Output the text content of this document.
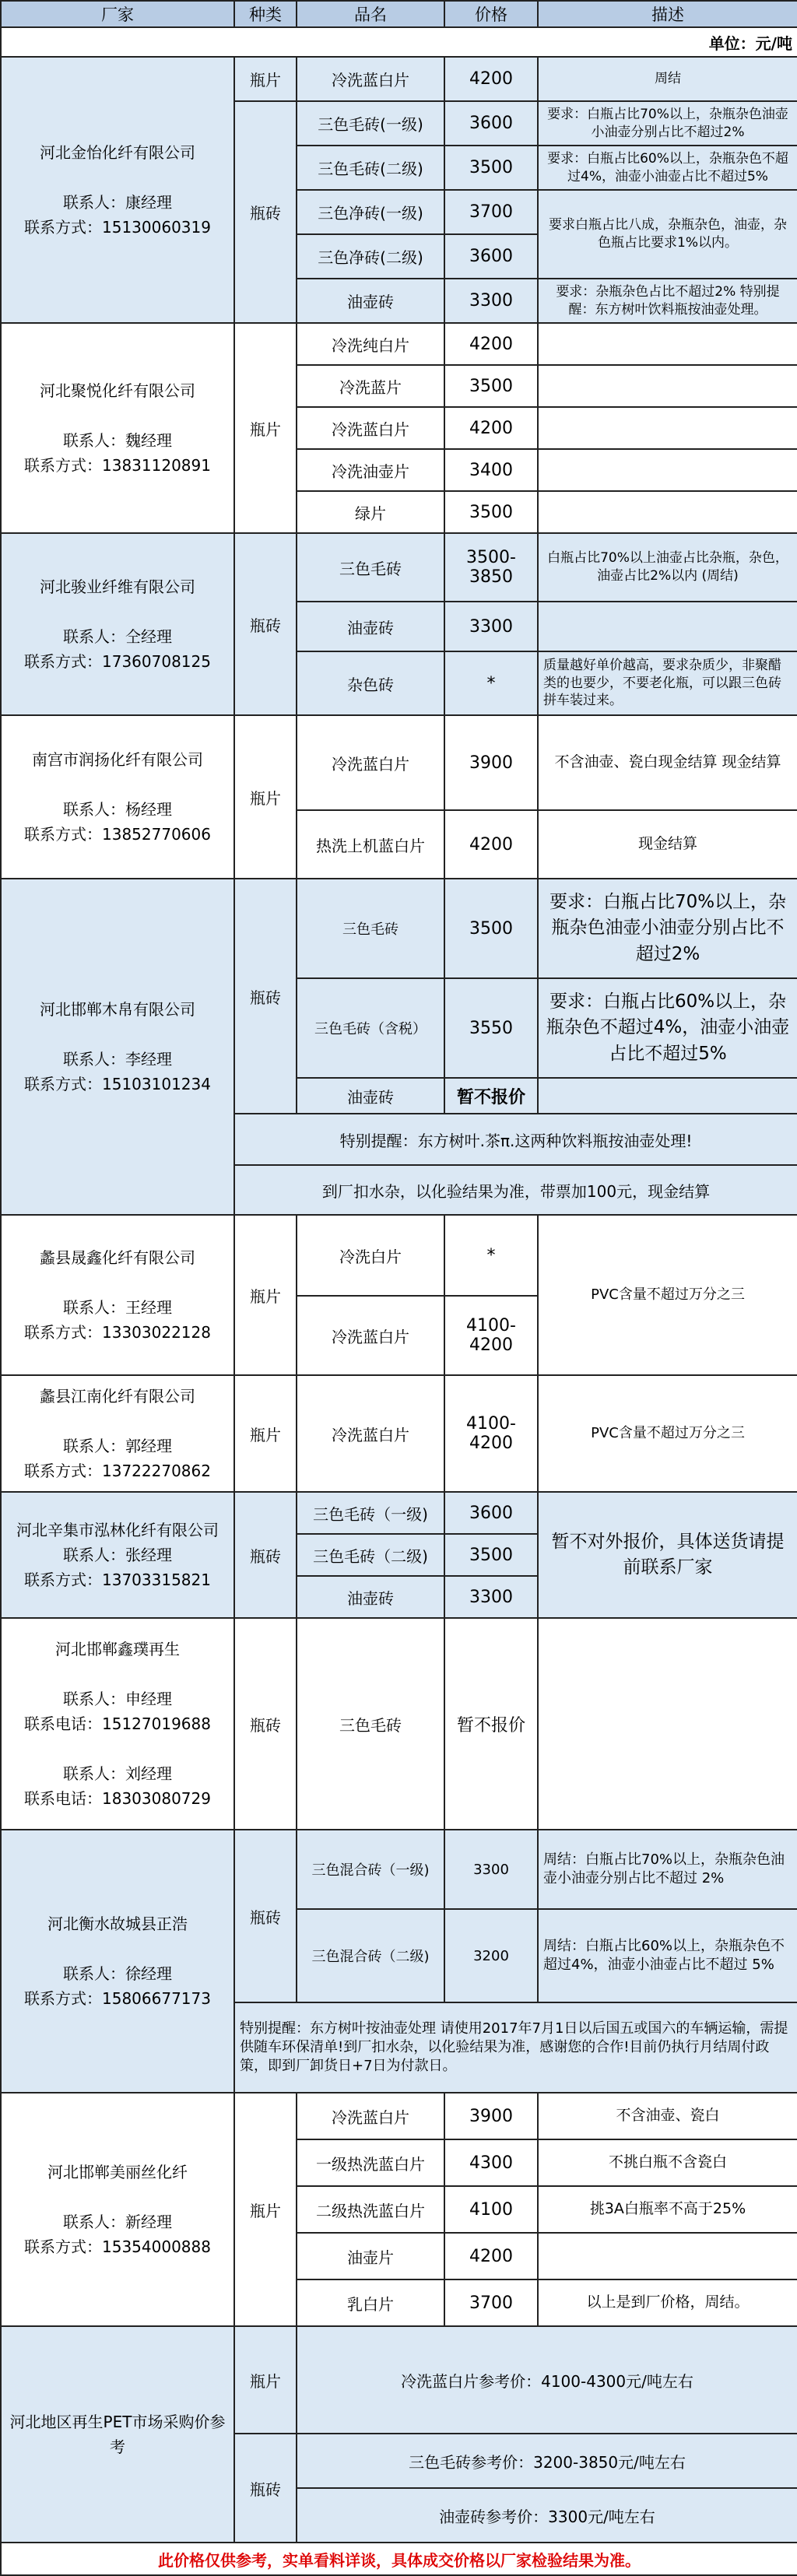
厂家	种类	品名	价格	描述
单位：元/吨				

河北金怡化纤有限公司

联系人：康经理
联系方式：15130060319	瓶片	冷洗蓝白片	4200	周结
	瓶砖	三色毛砖(一级)	3600	要求：白瓶占比70%以上，杂瓶杂色油壶小油壶分别占比不超过2%
		三色毛砖(二级)	3500	要求：白瓶占比60%以上，杂瓶杂色不超过4%，油壶小油壶占比不超过5%
		三色净砖(一级)	3700	要求白瓶占比八成，杂瓶杂色，油壶，杂色瓶占比要求1%以内。
		三色净砖(二级)	3600	
		油壶砖	3300	要求：杂瓶杂色占比不超过2% 特别提醒：东方树叶饮料瓶按油壶处理。

河北聚悦化纤有限公司

联系人：魏经理
联系方式：13831120891	瓶片	冷洗纯白片	4200	
		冷洗蓝片	3500	
		冷洗蓝白片	4200	
		冷洗油壶片	3400	
		绿片	3500	

河北骏业纤维有限公司

联系人：仝经理
联系方式：17360708125	瓶砖	三色毛砖	3500-3850	白瓶占比70%以上油壶占比杂瓶，杂色，油壶占比2%以内 (周结)
		油壶砖	3300	
		杂色砖	*	质量越好单价越高，要求杂质少，非聚醋类的也要少，不要老化瓶，可以跟三色砖拼车装过来。

南宫市润扬化纤有限公司

联系人：杨经理
联系方式：13852770606	瓶片	冷洗蓝白片	3900	不含油壶、瓷白现金结算 现金结算
		热洗上机蓝白片	4200	现金结算

河北邯郸木帛有限公司

联系人：李经理
联系方式：15103101234	瓶砖	三色毛砖	3500	要求：白瓶占比70%以上，杂瓶杂色油壶小油壶分别占比不超过2%
		三色毛砖（含税）	3550	要求：白瓶占比60%以上，杂瓶杂色不超过4%，油壶小油壶占比不超过5%
		油壶砖	暂不报价	
	特别提醒：东方树叶.茶π.这两种饮料瓶按油壶处理!			
	到厂扣水杂，以化验结果为准，带票加100元，现金结算			

蠡县晟鑫化纤有限公司

联系人：王经理
联系方式：13303022128	瓶片	冷洗白片	*	PVC含量不超过万分之三
		冷洗蓝白片	4100-4200	

蠡县江南化纤有限公司

联系人：郭经理
联系方式：13722270862	瓶片	冷洗蓝白片	4100-4200	PVC含量不超过万分之三

河北辛集市泓林化纤有限公司
联系人：张经理
联系方式：13703315821	瓶砖	三色毛砖（一级)	3600	暂不对外报价，具体送货请提前联系厂家
		三色毛砖（二级)	3500	
		油壶砖	3300	

河北邯郸鑫璞再生

联系人：申经理
联系电话：15127019688

联系人：刘经理
联系电话：18303080729	瓶砖	三色毛砖	暂不报价	

河北衡水故城县正浩

联系人：徐经理
联系方式：15806677173	瓶砖	三色混合砖（一级)	3300	周结：白瓶占比70%以上，杂瓶杂色油壶小油壶分别占比不超过 2%
		三色混合砖（二级)	3200	周结：白瓶占比60%以上，杂瓶杂色不超过4%，油壶小油壶占比不超过 5%
	特别提醒：东方树叶按油壶处理 请使用2017年7月1日以后国五或国六的车辆运输，需提供随车环保清单!到厂扣水杂，以化验结果为准，感谢您的合作!目前仍执行月结周付政策，即到厂卸货日+7日为付款日。			

河北邯郸美丽丝化纤

联系人：新经理
联系方式：15354000888	瓶片	冷洗蓝白片	3900	不含油壶、瓷白
		一级热洗蓝白片	4300	不挑白瓶不含瓷白
		二级热洗蓝白片	4100	挑3A白瓶率不高于25%
		油壶片	4200	
		乳白片	3700	以上是到厂价格，周结。

河北地区再生PET市场采购价参考	瓶片	冷洗蓝白片参考价：4100-4300元/吨左右		
	瓶砖	三色毛砖参考价：3200-3850元/吨左右		
		油壶砖参考价：3300元/吨左右		
此价格仅供参考，实单看料详谈，具体成交价格以厂家检验结果为准。				
